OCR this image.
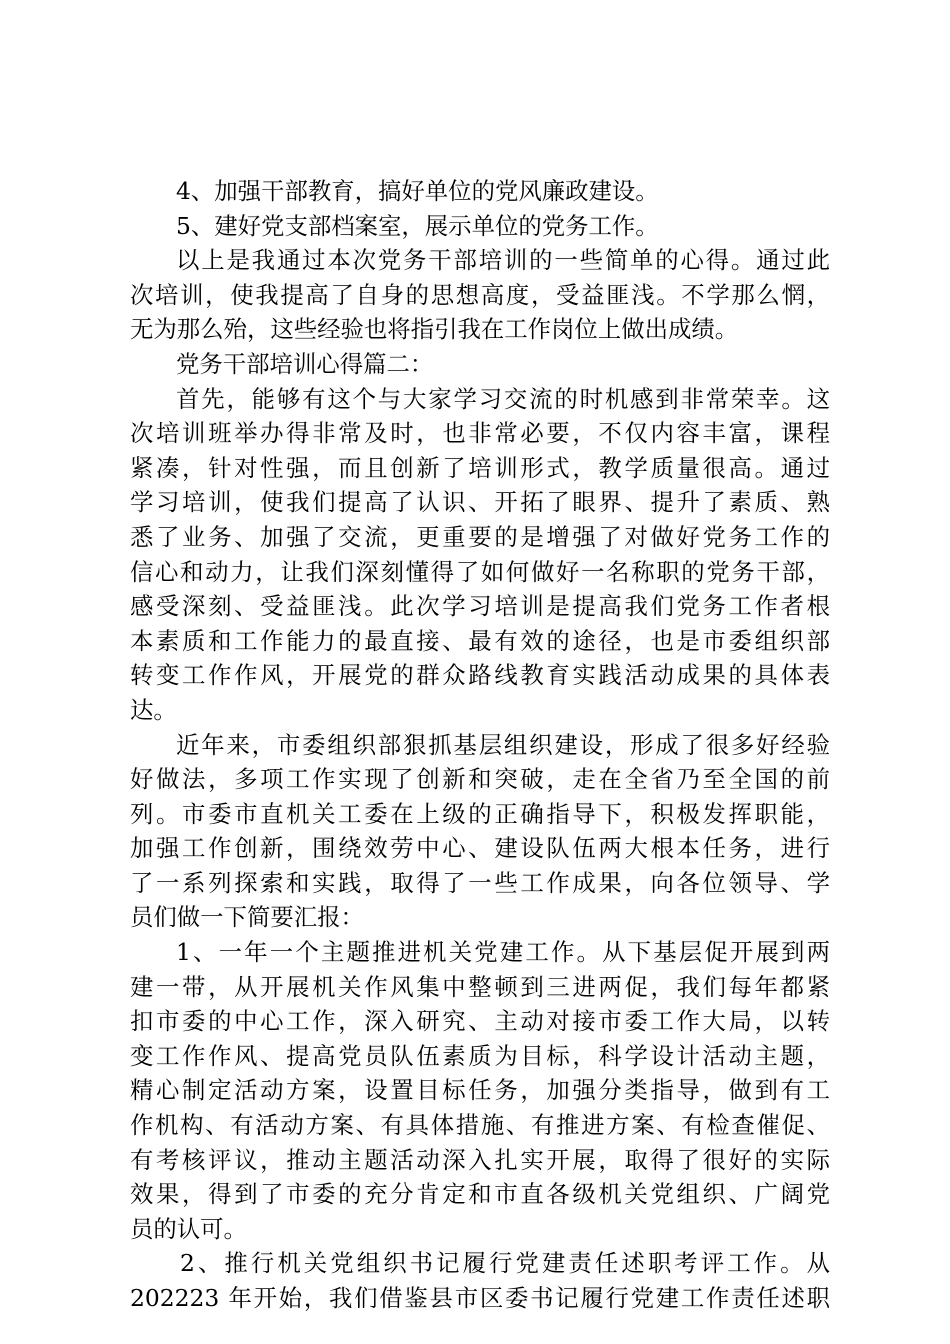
4、加强干部教育，搞好单位的党风廉政建设。
5、建好党支部档案室，展示单位的党务工作。
以上是我通过本次党务干部培训的一些简单的心得。通过此
次培训，使我提高了自身的思想高度，受益匪浅。不学那么惘，
无为那么殆，这些经验也将指引我在工作岗位上做出成绩。
党务干部培训心得篇二：
首先，能够有这个与大家学习交流的时机感到非常荣幸。这
次培训班举办得非常及时，也非常必要，不仅内容丰富，课程
紧凑，针对性强，而且创新了培训形式，教学质量很高。通过
学习培训，使我们提高了认识、开拓了眼界、提升了素质、熟
悉了业务、加强了交流，更重要的是增强了对做好党务工作的
信心和动力，让我们深刻懂得了如何做好一名称职的党务干部，
感受深刻、受益匪浅。此次学习培训是提高我们党务工作者根
本素质和工作能力的最直接、最有效的途径，也是市委组织部
转变工作作风，开展党的群众路线教育实践活动成果的具体表
达。
近年来，市委组织部狠抓基层组织建设，形成了很多好经验
好做法，多项工作实现了创新和突破，走在全省乃至全国的前
列。市委市直机关工委在上级的正确指导下，积极发挥职能，
加强工作创新，围绕效劳中心、建设队伍两大根本任务，进行
了一系列探索和实践，取得了一些工作成果，向各位领导、学
员们做一下简要汇报：
1、一年一个主题推进机关党建工作。从下基层促开展到两
建一带，从开展机关作风集中整顿到三进两促，我们每年都紧
扣市委的中心工作，深入研究、主动对接市委工作大局，以转
变工作作风、提高党员队伍素质为目标，科学设计活动主题，
精心制定活动方案，设置目标任务，加强分类指导，做到有工
作机构、有活动方案、有具体措施、有推进方案、有检查催促、
有考核评议，推动主题活动深入扎实开展，取得了很好的实际
效果，得到了市委的充分肯定和市直各级机关党组织、广阔党
员的认可。
2、推行机关党组织书记履行党建责任述职考评工作。从
202223 年开始，我们借鉴县市区委书记履行党建工作责任述职
